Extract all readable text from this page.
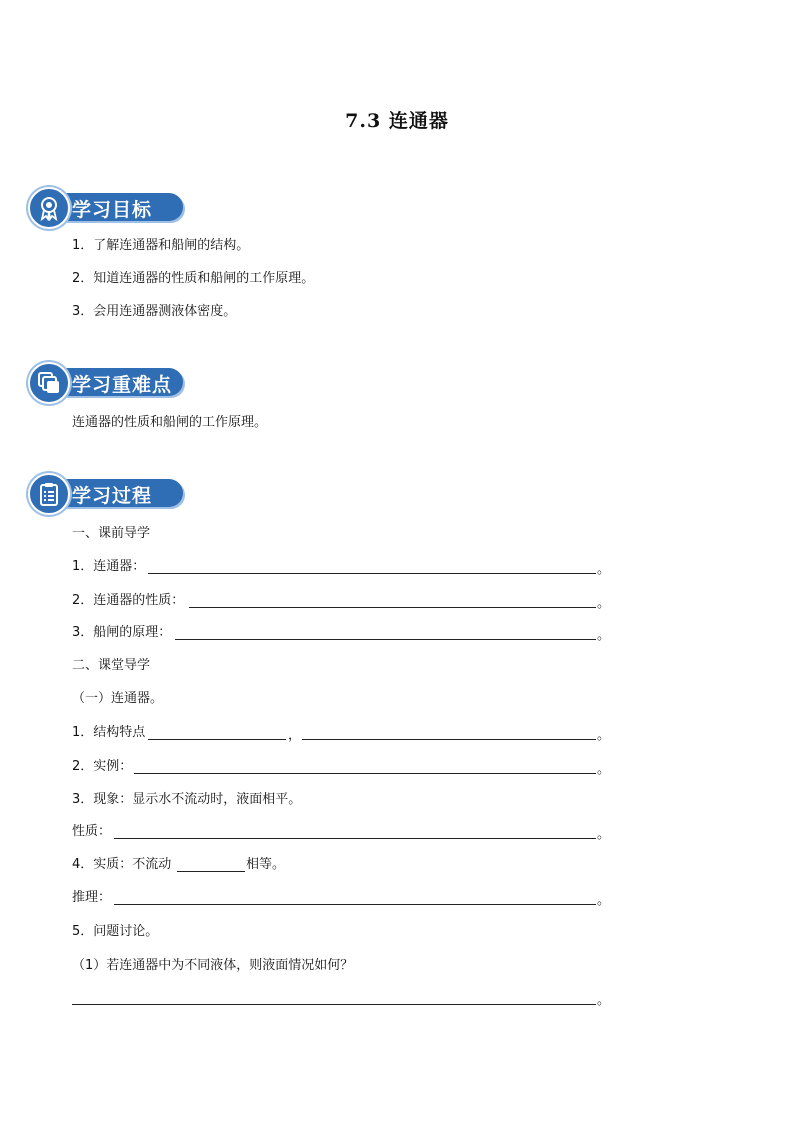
7.3 连通器
学习目标
1．了解连通器和船闸的结构。
2．知道连通器的性质和船闸的工作原理。
3．会用连通器测液体密度。
学习重难点
连通器的性质和船闸的工作原理。
学习过程
一、课前导学
1．连通器：	。
2．连通器的性质：	。
3．船闸的原理：	。
二、课堂导学
（一）连通器。
1．结构特点	，	。
2．实例：	。
3．现象：显示水不流动时，液面相平。
性质：	。
4．实质：不流动	相等。
推理：	。
5．问题讨论。
（1）若连通器中为不同液体，则液面情况如何？
。
